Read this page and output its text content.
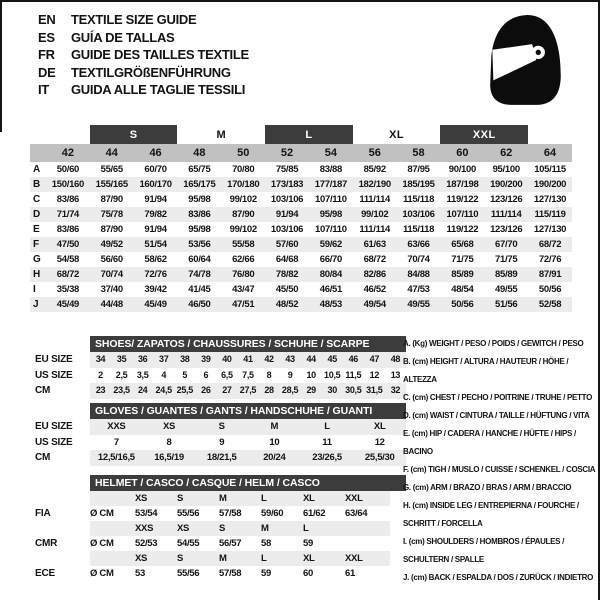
EN	TEXTILE SIZE GUIDE
ES	GUÍA DE TALLAS
FR	GUIDE DES TAILLES TEXTILE
DE	TEXTILGRÖßENFÜHRUNG
IT	GUIDA ALLE TAGLIE TESSILI
		S		M		L		XL		XXL		
	42	44	46	48	50	52	54	56	58	60	62	64
A	50/60	55/65	60/70	65/75	70/80	75/85	83/88	85/92	87/95	90/100	95/100	105/115
B	150/160	155/165	160/170	165/175	170/180	173/183	177/187	182/190	185/195	187/198	190/200	190/200
C	83/86	87/90	91/94	95/98	99/102	103/106	107/110	111/114	115/118	119/122	123/126	127/130
D	71/74	75/78	79/82	83/86	87/90	91/94	95/98	99/102	103/106	107/110	111/114	115/119
E	83/86	87/90	91/94	95/98	99/102	103/106	107/110	111/114	115/118	119/122	123/126	127/130
F	47/50	49/52	51/54	53/56	55/58	57/60	59/62	61/63	63/66	65/68	67/70	68/72
G	54/58	56/60	58/62	60/64	62/66	64/68	66/70	68/72	70/74	71/75	71/75	72/76
H	68/72	70/74	72/76	74/78	76/80	78/82	80/84	82/86	84/88	85/89	85/89	87/91
I	35/38	37/40	39/42	41/45	43/47	45/50	46/51	46/52	47/53	48/54	49/55	50/56
J	45/49	44/48	45/49	46/50	47/51	48/52	48/53	49/54	49/55	50/56	51/56	52/58
SHOES/ ZAPATOS / CHAUSSURES / SCHUHE / SCARPE
EU SIZE	34	35	36	37	38	39	40	41	42	43	44	45	46	47	48
US SIZE	2	2,5	3,5	4	5	6	6,5	7,5	8	9	10 10,5 11,5 12	13
CM	23 23,5 24 24,5 25,5 26	27 27,5 28 28,5 29	30 30,5 31,5 32
GLOVES / GUANTES / GANTS / HANDSCHUHE / GUANTI
EU SIZE	XXS	XS	S	M	L	XL
US SIZE	7	8	9	10	11	12
CM	12,5/16,5	16,5/19	18/21,5	20/24	23/26,5	25,5/30
HELMET / CASCO / CASQUE / HELM / CASCO
XS	S	M	L	XL	XXL
FIA	Ø CM	53/54	55/56	57/58	59/60	61/62	63/64
XXS	XS	S	M	L
CMR	Ø CM	52/53	54/55	56/57	58	59
XS	S	M	L	XL	XXL
ECE	Ø CM	53	55/56	57/58	59	60	61
A. (Kg) WEIGHT / PESO / POIDS / GEWITCH / PESO
B. (cm) HEIGHT / ALTURA / HAUTEUR / HÖHE / ALTEZZA
C. (cm) CHEST / PECHO / POITRINE / TRUHE / PETTO
D. (cm) WAIST / CINTURA / TAILLE / HÜFTUNG / VITA
E. (cm) HIP / CADERA / HANCHE / HÜFTE / HIPS / BACINO
F. (cm) TIGH / MUSLO / CUISSE / SCHENKEL / COSCIA
G. (cm) ARM / BRAZO / BRAS / ARM / BRACCIO
H. (cm) INSIDE LEG / ENTREPIERNA / FOURCHE / SCHRITT / FORCELLA
I. (cm) SHOULDERS / HOMBROS / ÉPAULES / SCHULTERN / SPALLE
J. (cm) BACK / ESPALDA / DOS / ZURÜCK / INDIETRO
